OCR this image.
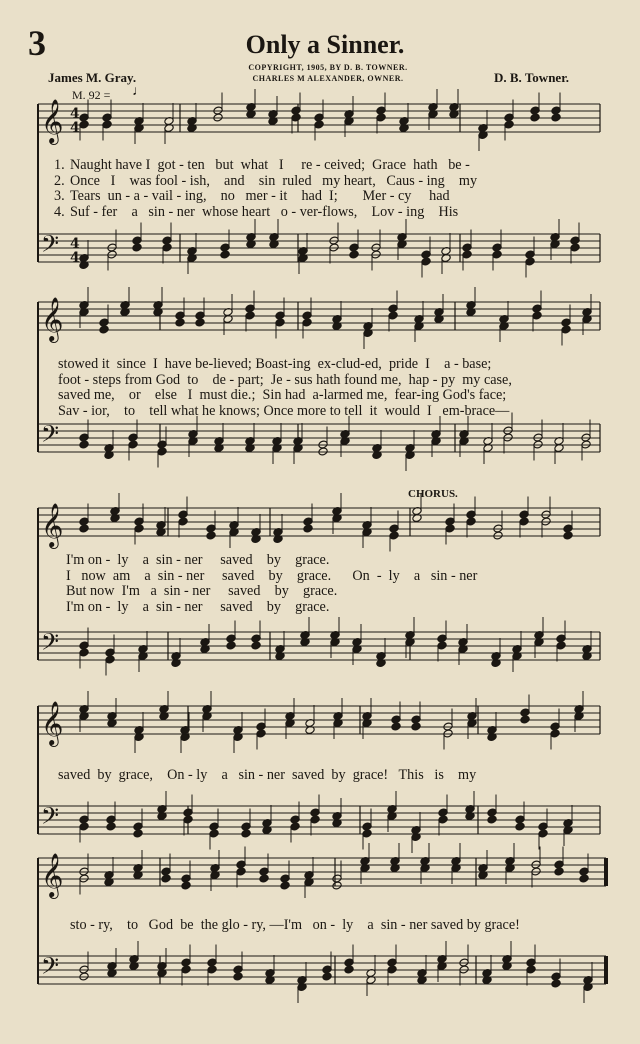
3	Only a Sinner.
COPYRIGHT, 1905, BY D. B. TOWNER.
CHARLES M ALEXANDER, OWNER.
James M. Gray.	D. B. Towner.
M. 92 = ♩
CHORUS.
𝄞
𝄢
𝄞
𝄢
𝄞
𝄢
𝄞
𝄢
𝄞
𝄢
4
4
4
4
1. Naught have I  got - ten   but  what   I     re - ceived;  Grace  hath   be -
2. Once   I    was fool - ish,    and    sin  ruled   my heart,   Caus - ing    my
3. Tears  un - a - vail - ing,    no   mer - it    had  I;       Mer - cy     had
4. Suf - fer    a   sin - ner  whose heart   o - ver-flows,    Lov - ing    His
stowed it  since  I  have be-lieved; Boast-ing  ex-clud-ed,  pride  I    a - base;
foot - steps from God  to    de - part;  Je - sus hath found me,  hap - py  my case,
saved me,    or    else   I  must die.;  Sin had  a-larmed me,  fear-ing God's face;
Sav - ior,    to    tell what he knows; Once more to tell  it  would  I   em-brace—
I'm on -  ly    a  sin - ner     saved    by    grace.
I   now  am    a  sin - ner     saved    by    grace.      On  -  ly    a   sin - ner
But now  I'm   a  sin - ner     saved    by    grace.
I'm on -  ly    a  sin - ner     saved    by    grace.
saved  by  grace,    On - ly    a   sin - ner  saved  by  grace!   This   is    my
sto - ry,    to   God  be  the glo - ry, —I'm   on -  ly    a  sin - ner saved by grace!
